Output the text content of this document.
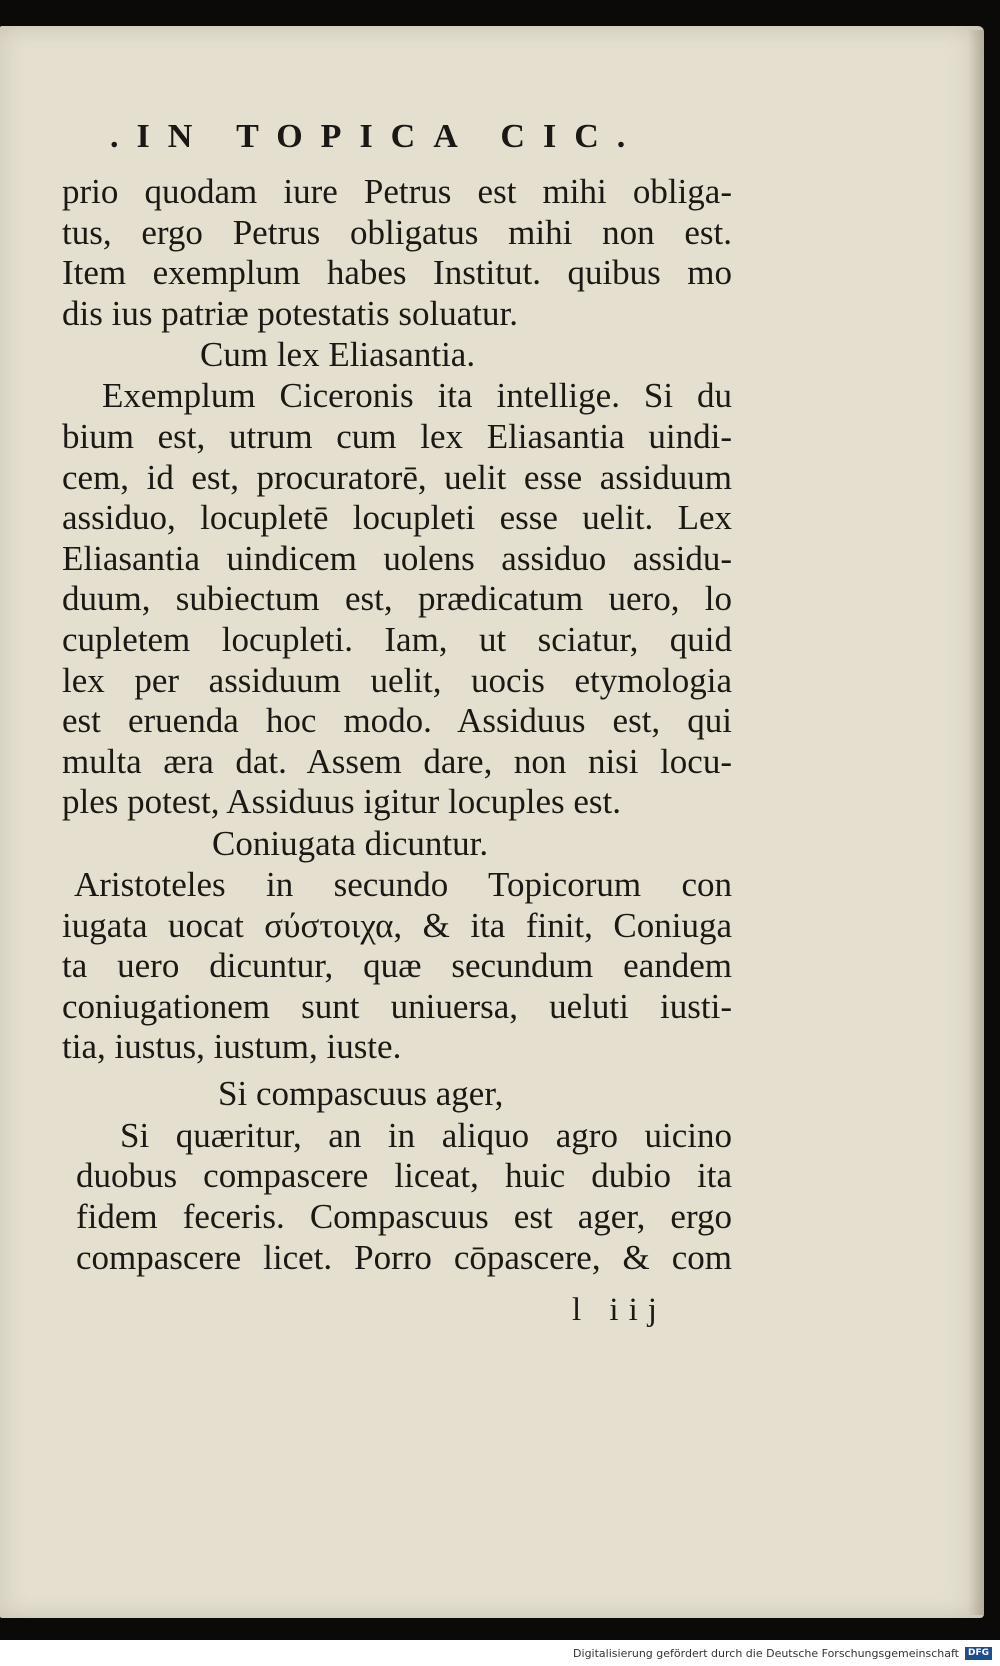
.IN TOPICA CIC.
prio quodam iure Petrus est mihi obliga-
tus, ergo Petrus obligatus mihi non est.
Item exemplum habes Institut. quibus mo
dis ius patriæ potestatis soluatur.
Cum lex Eliasantia.
Exemplum Ciceronis ita intellige. Si du
bium est, utrum cum lex Eliasantia uindi-
cem, id est, procuratorē, uelit esse assiduum
assiduo, locupletē locupleti esse uelit. Lex
Eliasantia uindicem uolens assiduo assidu-
duum, subiectum est, prædicatum uero, lo
cupletem locupleti. Iam, ut sciatur, quid
lex per assiduum uelit, uocis etymologia
est eruenda hoc modo. Assiduus est, qui
multa æra dat. Assem dare, non nisi locu-
ples potest, Assiduus igitur locuples est.
Coniugata dicuntur.
Aristoteles in secundo Topicorum con
iugata uocat σύστοιχα, & ita finit, Coniuga
ta uero dicuntur, quæ secundum eandem
coniugationem sunt uniuersa, ueluti iusti-
tia, iustus, iustum, iuste.
Si compascuus ager,
Si quæritur, an in aliquo agro uicino
duobus compascere liceat, huic dubio ita
fidem feceris. Compascuus est ager, ergo
compascere licet. Porro cōpascere, & com
l iij
Digitalisierung gefördert durch die Deutsche Forschungsgemeinschaft	DFG
